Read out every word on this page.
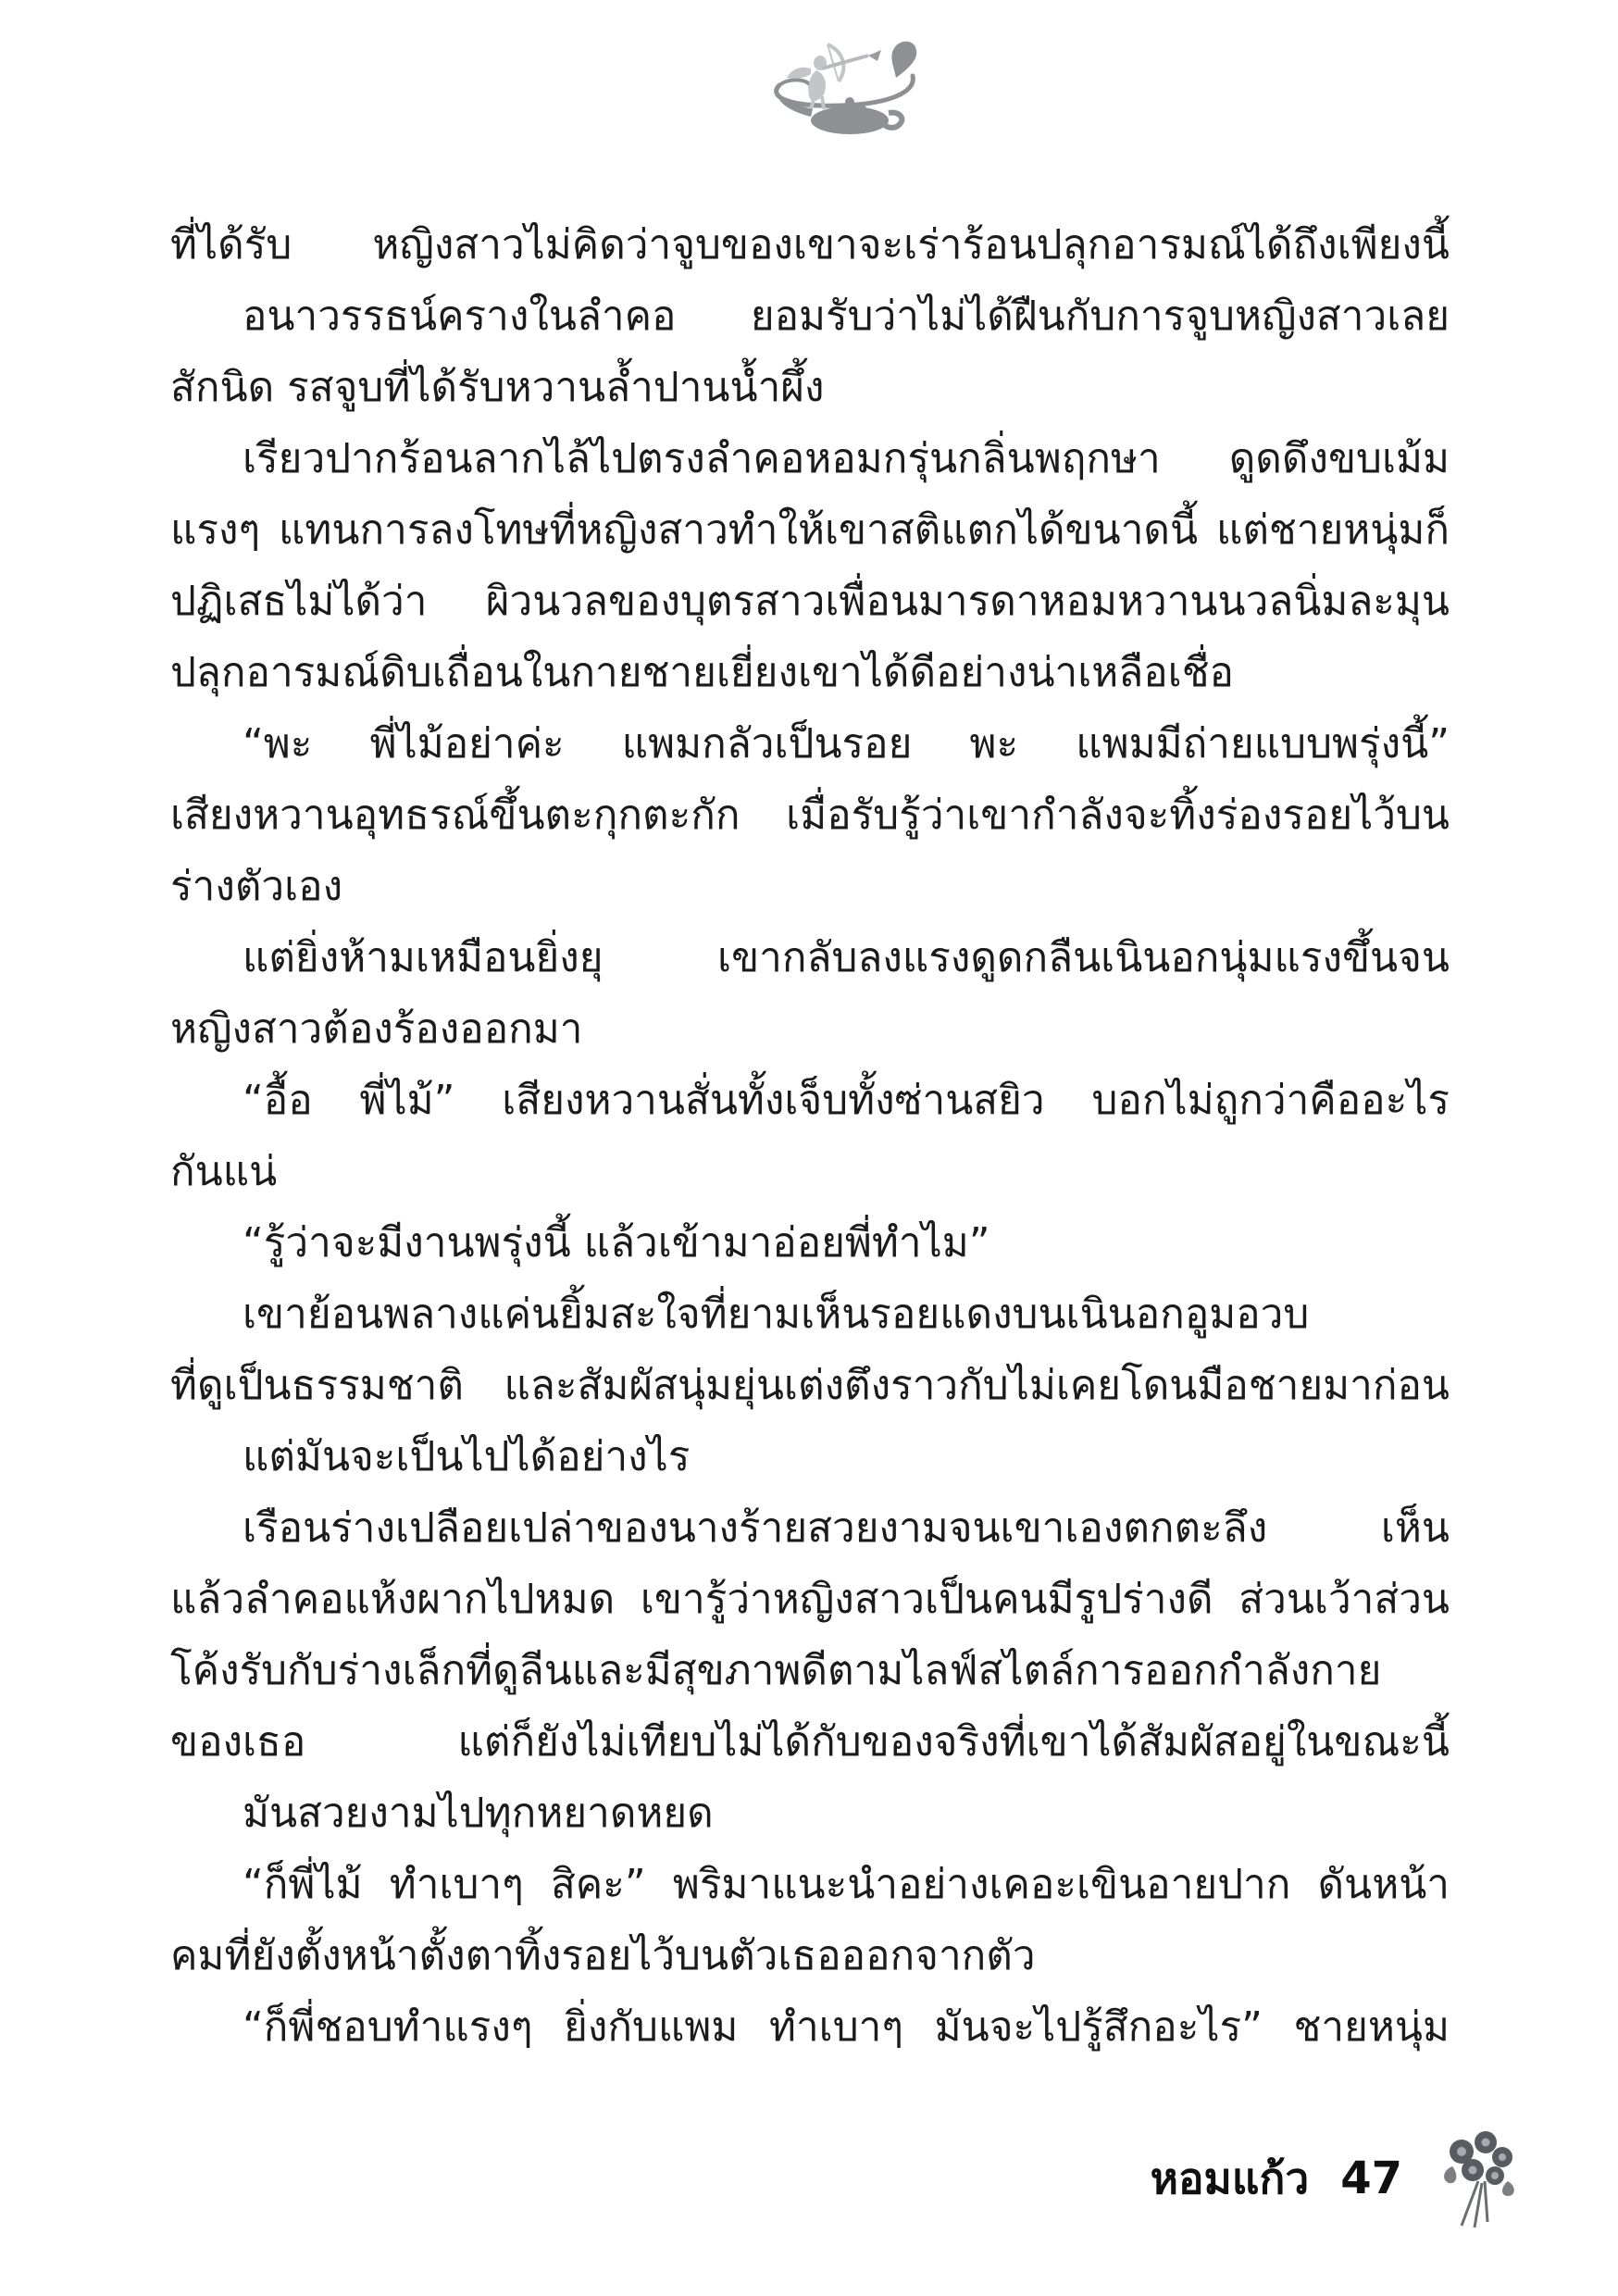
ที่ได้รับ หญิงสาวไม่คิดว่าจูบของเขาจะเร่าร้อนปลุกอารมณ์ได้ถึงเพียงนี้
อนาวรรธน์ครางในลำคอ ยอมรับว่าไม่ได้ฝืนกับการจูบหญิงสาวเลย
สักนิด รสจูบที่ได้รับหวานล้ำปานน้ำผึ้ง
เรียวปากร้อนลากไล้ไปตรงลำคอหอมกรุ่นกลิ่นพฤกษา ดูดดึงขบเม้ม
แรงๆ แทนการลงโทษที่หญิงสาวทำให้เขาสติแตกได้ขนาดนี้ แต่ชายหนุ่มก็
ปฏิเสธไม่ได้ว่า ผิวนวลของบุตรสาวเพื่อนมารดาหอมหวานนวลนิ่มละมุน
ปลุกอารมณ์ดิบเถื่อนในกายชายเยี่ยงเขาได้ดีอย่างน่าเหลือเชื่อ
“พะ พี่ไม้อย่าค่ะ แพมกลัวเป็นรอย พะ แพมมีถ่ายแบบพรุ่งนี้”
เสียงหวานอุทธรณ์ขึ้นตะกุกตะกัก เมื่อรับรู้ว่าเขากำลังจะทิ้งร่องรอยไว้บน
ร่างตัวเอง
แต่ยิ่งห้ามเหมือนยิ่งยุ เขากลับลงแรงดูดกลืนเนินอกนุ่มแรงขึ้นจน
หญิงสาวต้องร้องออกมา
“อื้อ พี่ไม้” เสียงหวานสั่นทั้งเจ็บทั้งซ่านสยิว บอกไม่ถูกว่าคืออะไร
กันแน่
“รู้ว่าจะมีงานพรุ่งนี้ แล้วเข้ามาอ่อยพี่ทำไม”
เขาย้อนพลางแค่นยิ้มสะใจที่ยามเห็นรอยแดงบนเนินอกอูมอวบ
ที่ดูเป็นธรรมชาติ และสัมผัสนุ่มยุ่นเต่งตึงราวกับไม่เคยโดนมือชายมาก่อน
แต่มันจะเป็นไปได้อย่างไร
เรือนร่างเปลือยเปล่าของนางร้ายสวยงามจนเขาเองตกตะลึง เห็น
แล้วลำคอแห้งผากไปหมด เขารู้ว่าหญิงสาวเป็นคนมีรูปร่างดี ส่วนเว้าส่วน
โค้งรับกับร่างเล็กที่ดูลีนและมีสุขภาพดีตามไลฟ์สไตล์การออกกำลังกาย
ของเธอ แต่ก็ยังไม่เทียบไม่ได้กับของจริงที่เขาได้สัมผัสอยู่ในขณะนี้
มันสวยงามไปทุกหยาดหยด
“ก็พี่ไม้ ทำเบาๆ สิคะ” พริมาแนะนำอย่างเคอะเขินอายปาก ดันหน้า
คมที่ยังตั้งหน้าตั้งตาทิ้งรอยไว้บนตัวเธอออกจากตัว
“ก็พี่ชอบทำแรงๆ ยิ่งกับแพม ทำเบาๆ มันจะไปรู้สึกอะไร” ชายหนุ่ม
หอมแก้ว 47
